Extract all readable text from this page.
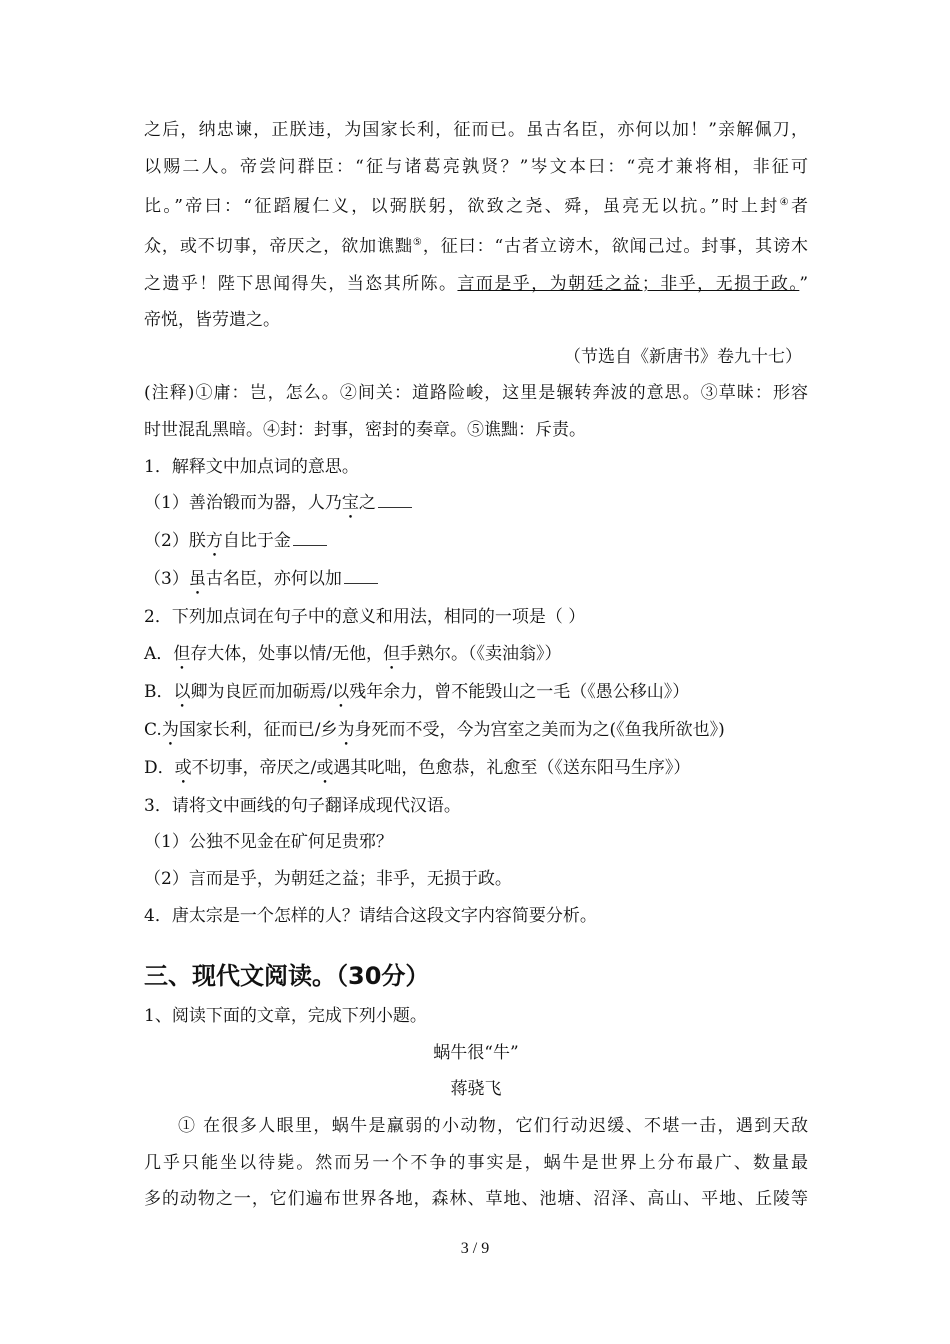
之后，纳忠谏，正朕违，为国家长利，征而已。虽古名臣，亦何以加！”亲解佩刀，

以赐二人。帝尝问群臣：“征与诸葛亮孰贤？”岑文本曰：“亮才兼将相，非征可

比。”帝曰：“征蹈履仁义，以弼朕躬，欲致之尧、舜，虽亮无以抗。”时上封④者

众，或不切事，帝厌之，欲加谯黜⑤，征曰：“古者立谤木，欲闻己过。封事，其谤木

之遗乎！陛下思闻得失，当恣其所陈。言而是乎，为朝廷之益；非乎，无损于政。”

帝悦，皆劳遣之。

（节选自《新唐书》卷九十七）

(注释)①庸：岂，怎么。②间关：道路险峻，这里是辗转奔波的意思。③草昧：形容

时世混乱黑暗。④封：封事，密封的奏章。⑤谯黜：斥责。

1．解释文中加点词的意思。
（1）善治锻而为器，人乃宝之
（2）朕方自比于金
（3）虽古名臣，亦何以加
2．下列加点词在句子中的意义和用法，相同的一项是（ ）
A．但存大体，处事以情/无他，但手熟尔。（《卖油翁》）
B．以卿为良匠而加砺焉/以残年余力，曾不能毁山之一毛（《愚公移山》）
C.为国家长利，征而已/乡为身死而不受，今为宫室之美而为之(《鱼我所欲也》)
D．或不切事，帝厌之/或遇其叱咄，色愈恭，礼愈至（《送东阳马生序》）
3．请将文中画线的句子翻译成现代汉语。
（1）公独不见金在矿何足贵邪？
（2）言而是乎，为朝廷之益；非乎，无损于政。
4．唐太宗是一个怎样的人？请结合这段文字内容简要分析。
三、现代文阅读。（30分）
1、阅读下面的文章，完成下列小题。
蜗牛很“牛”
蒋骁飞

① 在很多人眼里，蜗牛是羸弱的小动物，它们行动迟缓、不堪一击，遇到天敌

几乎只能坐以待毙。然而另一个不争的事实是，蜗牛是世界上分布最广、数量最

多的动物之一，它们遍布世界各地，森林、草地、池塘、沼泽、高山、平地、丘陵等

3 / 9
